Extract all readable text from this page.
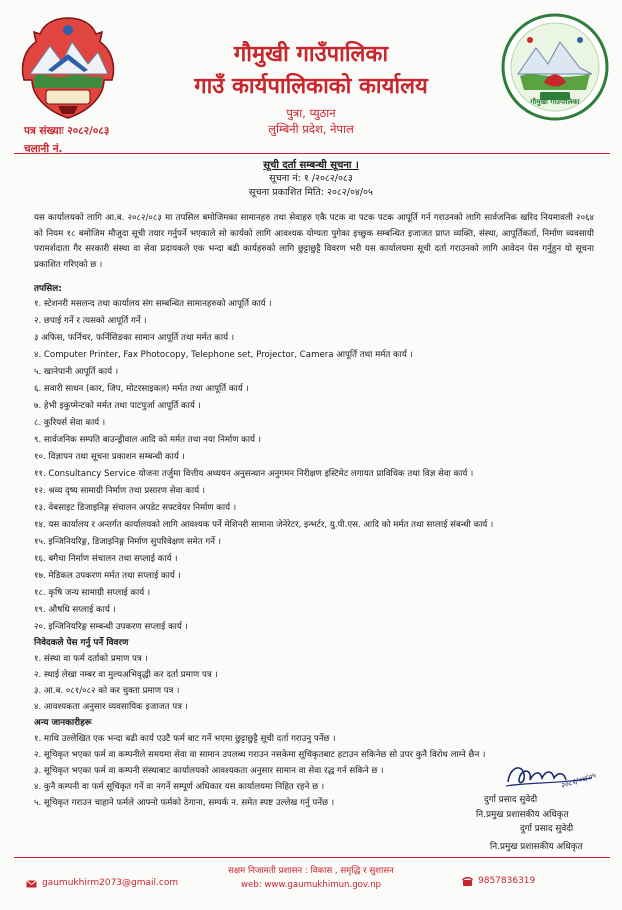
गौमुखी गाउँपालिका
गौमुखी गाउँपालिका
गाउँ कार्यपालिकाको कार्यालय
पुत्रा, प्युठान
लुम्बिनी प्रदेश, नेपाल
पत्र संख्याः २०८२/०८३
चलानी नं.
सूची दर्ता सम्बन्धी सूचना ।
सूचना नं: १ /२०८२/०८३
सूचना प्रकाशित मिति: २०८२/०४/०५
यस कार्यालयको लागि आ.ब. २०८२/०८३ मा तपसिल बमोजिमका सामानहरु तथा सेवाहरु एकै पटक वा पटक पटक आपूर्ति गर्न गराउनको लागि सार्वजनिक खरिद नियमावली २०६४ को नियम १८ बमोजिम मौजुदा सूची तयार गर्नुपर्ने भएकाले सो कार्यको लागि आवश्यक योग्यता पुगेका इच्छुक सम्बन्धित इजाजत प्राप्त व्यक्ति, संस्था, आपूर्तिकर्ता, निर्माण व्यवसायी परामर्शदाता गैर सरकारी संस्था वा सेवा प्रदायकले एक भन्दा बढी कार्यहरुको लागि छुट्टाछुट्टै विवरण भरी यस कार्यालयमा सूची दर्ता गराउनको लागि आवेदन पेस गर्नुहुन यो सूचना प्रकाशित गरिएको छ ।
तपसिल:
१. स्टेशनरी मसलन्द तथा कार्यालय संग सम्बन्धित सामानहरुको आपूर्ति कार्य ।
२. छपाई गर्ने र त्यसको आपूर्ति गर्ने ।
३ अफिस, फर्निचर, फर्निसिङका सामान आपूर्ति तथा मर्मत कार्य ।
४. Computer Printer, Fax Photocopy, Telephone set, Projector, Camera आपूर्ति तथा मर्मत कार्य ।
५. खानेपानी आपूर्ति कार्य ।
६. सवारी साधन (कार, जिप, मोटरसाइकल) मर्मत तथा आपूर्ति कार्य ।
७. हेभी इकुप्मेन्टको मर्मत तथा पाटपुर्जा आपूर्ति कार्य ।
८. कुरियर्स सेवा कार्य ।
९. सार्वजनिक सम्पति बाउन्ड्रीवाल आदि को मर्मत तथा नया निर्माण कार्य ।
१०. विज्ञापन तथा सूचना प्रकाशन सम्बन्धी कार्य ।
११. Consultancy Service योजना तर्जुमा वित्तीय अध्ययन अनुसन्धान अनुगमन निरीक्षण इस्टिमेट लगायत प्राविधिक तथा विज्ञ सेवा कार्य ।
१२. श्रव्य दृष्य सामाग्री निर्माण तथा प्रसारण सेवा कार्य ।
१३. वेबसाइट डिजाइनिङ्ग संचालन अपडेट सफ्टवेयर निर्माण कार्य ।
१४. यस कार्यालय र अन्तर्गत कार्यालयको लागि आवश्यक पर्ने मेशिनरी सामाना जेनेरेटर, इन्भर्टर, यु.पी.एस. आदि को मर्मत तथा सप्लाई संबन्धी कार्य ।
१५. इन्जिनियरिङ्ग, डिजाइनिङ्ग निर्माण सुपरिवेक्षण समेत गर्ने ।
१६. बगैचा निर्माण संचालन तथा सप्लाई कार्य ।
१७. मेडिकल उपकरण मर्मत तथा सप्लाई कार्य ।
१८. कृषि जन्य सामाग्री सप्लाई कार्य ।
१९. औषधि सप्लाई कार्य ।
२०. इन्जिनियरिङ्ग सम्बन्धी उपकरण सप्लाई कार्य ।
निवेदकले पेस गर्नु पर्ने विवरण
१. संस्था वा फर्म दर्ताको प्रमाण पत्र ।
२. स्थाई लेखा नम्बर वा मुल्यअभिवृद्धी कर दर्ता प्रमाण पत्र ।
३. आ.ब. ०८१/०८२ को कर चुक्ता प्रमाण पत्र ।
४. आवश्यकता अनुसार व्यवसायिक इजाजत पत्र ।
अन्य जानकारीहरू
१. माथि उल्लेखित एक भन्दा बढी कार्य एउटै फर्म बाट गर्ने भएमा छुट्टाछुट्टै सूची दर्ता गराउनु पर्नेछ ।
२. सूचिकृत भएका फर्म वा कम्पनीले समयमा सेवा वा सामान उपलब्ध गराउन नसकेमा सूचिकृतबाट हटाउन सकिनेछ सो उपर कुनै विरोध लाग्ने छैन ।
३. सूचिकृत भएका फर्म वा कम्पनी संस्थाबाट कार्यालयको आवश्यकता अनुसार सामान वा सेवा रद्ध गर्न सकिने छ ।
४. कुनै कम्पनी वा फर्म सूचिकृत गर्ने वा नगर्ने सम्पूर्ण अधिकार यस कार्यालयमा निहित रहने छ ।
५. सूचिकृत गराउन चाहाने फर्मले आफ्नो फर्मको ठेगाना, सम्पर्क न. समेत स्पष्ट उल्लेख गर्नु पर्नेछ ।
२०८२/०४/०५
दुर्गा प्रसाद सुवेदी
नि.प्रमुख प्रशासकीय अधिकृत
दुर्गा प्रसाद सुवेदी
नि.प्रमुख प्रशासकीय अधिकृत
सक्षम निजामती प्रशासन : विकास , समृद्धि र सुशासन
web: www.gaumukhimun.gov.np
gaumukhirm2073@gmail.com	9857836319
